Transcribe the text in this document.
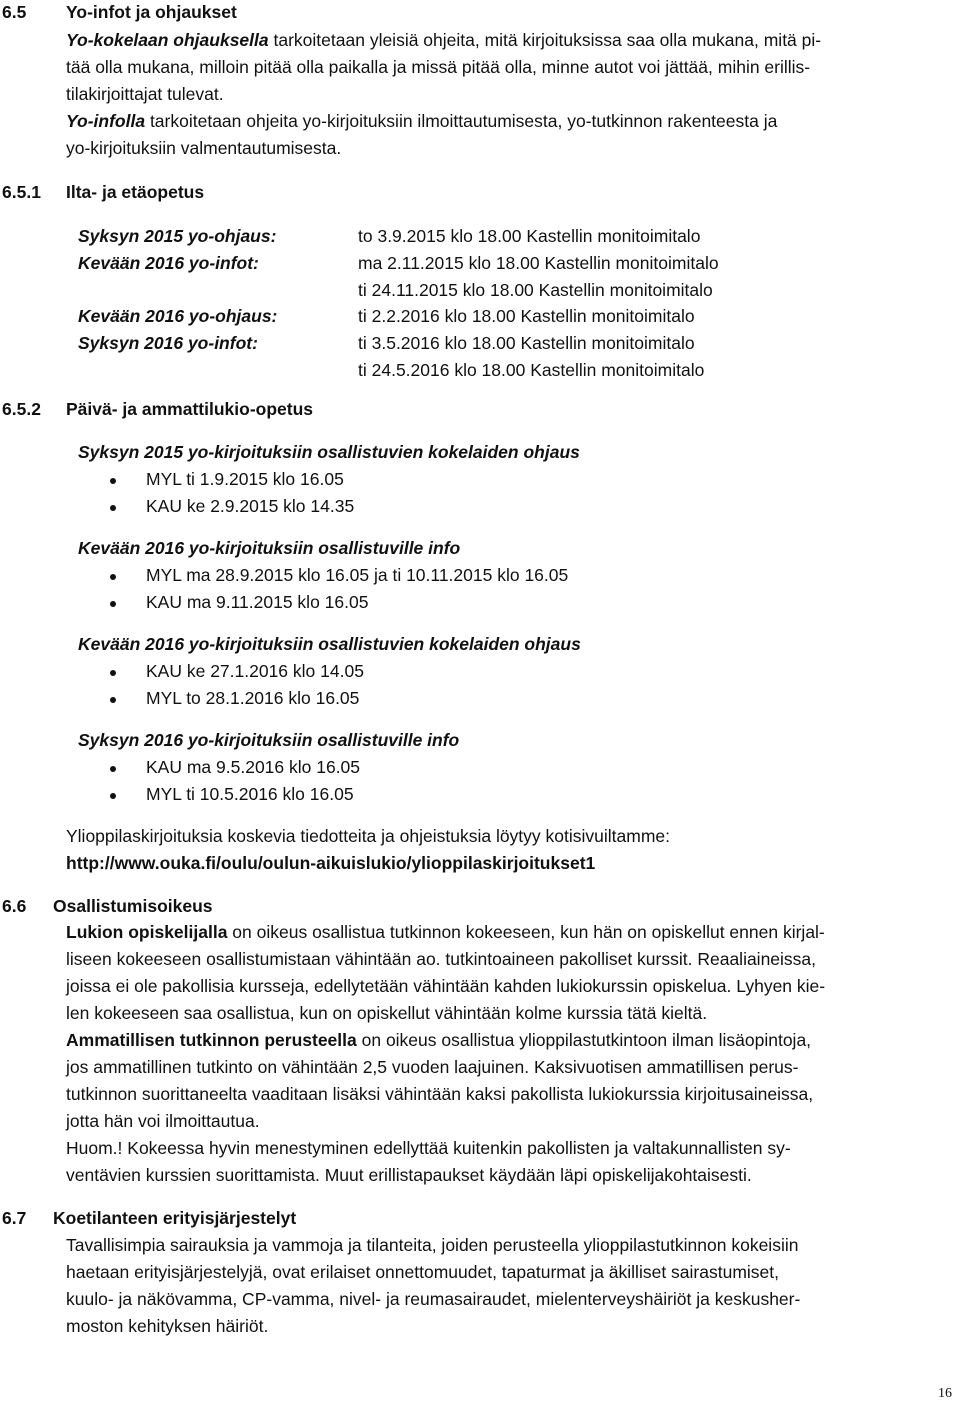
6.5 Yo-infot ja ohjaukset
Yo-kokelaan ohjauksella tarkoitetaan yleisiä ohjeita, mitä kirjoituksissa saa olla mukana, mitä pi-
tää olla mukana, milloin pitää olla paikalla ja missä pitää olla, minne autot voi jättää, mihin erillis-
tilakirjoittajat tulevat.
Yo-infolla tarkoitetaan ohjeita yo-kirjoituksiin ilmoittautumisesta, yo-tutkinnon rakenteesta ja
yo-kirjoituksiin valmentautumisesta.
6.5.1 Ilta- ja etäopetus
Syksyn 2015 yo-ohjaus:	to 3.9.2015 klo 18.00 Kastellin monitoimitalo
Kevään 2016 yo-infot:	ma 2.11.2015 klo 18.00 Kastellin monitoimitalo
ti 24.11.2015 klo 18.00 Kastellin monitoimitalo
Kevään 2016 yo-ohjaus:	ti 2.2.2016 klo 18.00 Kastellin monitoimitalo
Syksyn 2016 yo-infot:	ti 3.5.2016 klo 18.00 Kastellin monitoimitalo
ti 24.5.2016 klo 18.00 Kastellin monitoimitalo
6.5.2 Päivä- ja ammattilukio-opetus
Syksyn 2015 yo-kirjoituksiin osallistuvien kokelaiden ohjaus
MYL ti 1.9.2015 klo 16.05
KAU ke 2.9.2015 klo 14.35
Kevään 2016 yo-kirjoituksiin osallistuville info
MYL ma 28.9.2015 klo 16.05 ja ti 10.11.2015 klo 16.05
KAU ma 9.11.2015 klo 16.05
Kevään 2016 yo-kirjoituksiin osallistuvien kokelaiden ohjaus
KAU ke 27.1.2016 klo 14.05
MYL to 28.1.2016 klo 16.05
Syksyn 2016 yo-kirjoituksiin osallistuville info
KAU ma 9.5.2016 klo 16.05
MYL ti 10.5.2016 klo 16.05
Ylioppilaskirjoituksia koskevia tiedotteita ja ohjeistuksia löytyy kotisivuiltamme:
http://www.ouka.fi/oulu/oulun-aikuislukio/ylioppilaskirjoitukset1
6.6 Osallistumisoikeus
Lukion opiskelijalla on oikeus osallistua tutkinnon kokeeseen, kun hän on opiskellut ennen kirjal-
liseen kokeeseen osallistumistaan vähintään ao. tutkintoaineen pakolliset kurssit. Reaaliaineissa,
joissa ei ole pakollisia kursseja, edellytetään vähintään kahden lukiokurssin opiskelua. Lyhyen kie-
len kokeeseen saa osallistua, kun on opiskellut vähintään kolme kurssia tätä kieltä.
Ammatillisen tutkinnon perusteella on oikeus osallistua ylioppilastutkintoon ilman lisäopintoja,
jos ammatillinen tutkinto on vähintään 2,5 vuoden laajuinen. Kaksivuotisen ammatillisen perus-
tutkinnon suorittaneelta vaaditaan lisäksi vähintään kaksi pakollista lukiokurssia kirjoitusaineissa,
jotta hän voi ilmoittautua.
Huom.! Kokeessa hyvin menestyminen edellyttää kuitenkin pakollisten ja valtakunnallisten sy-
ventävien kurssien suorittamista. Muut erillistapaukset käydään läpi opiskelijakohtaisesti.
6.7 Koetilanteen erityisjärjestelyt
Tavallisimpia sairauksia ja vammoja ja tilanteita, joiden perusteella ylioppilastutkinnon kokeisiin
haetaan erityisjärjestelyjä, ovat erilaiset onnettomuudet, tapaturmat ja äkilliset sairastumiset,
kuulo- ja näkövamma, CP-vamma, nivel- ja reumasairaudet, mielenterveyshäiriöt ja keskusher-
moston kehityksen häiriöt.
16
